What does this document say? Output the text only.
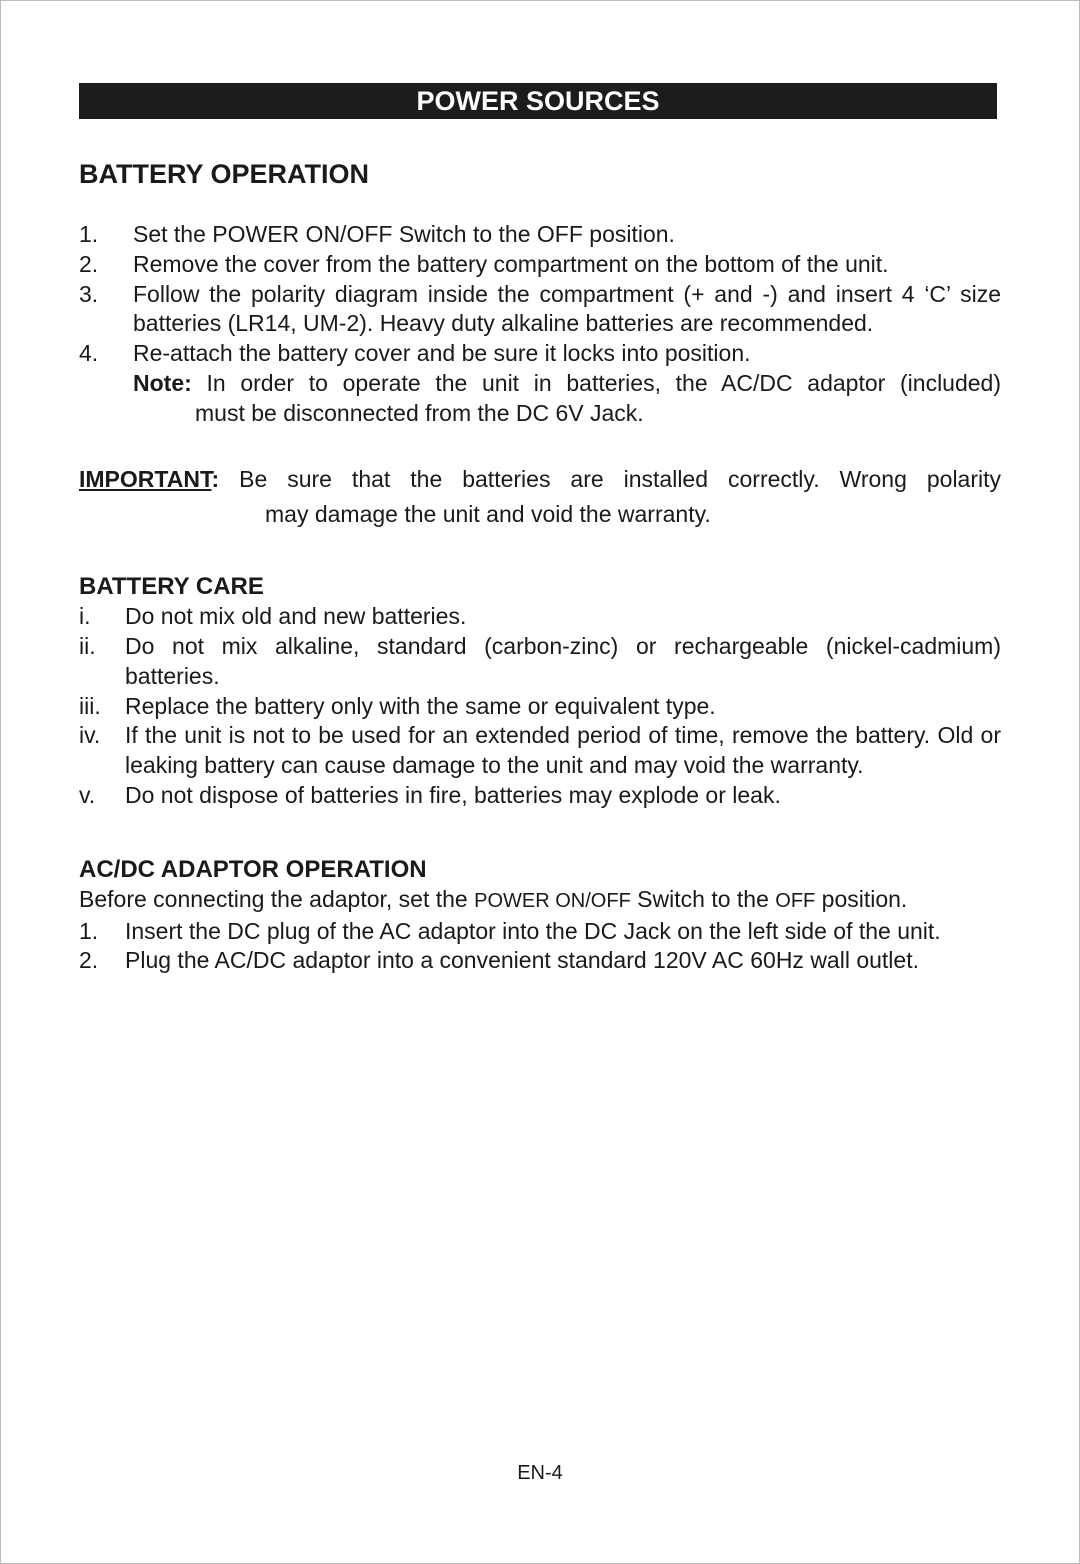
POWER SOURCES
BATTERY OPERATION
1.	Set the POWER ON/OFF Switch to the OFF position.
2.	Remove the cover from the battery compartment on the bottom of the unit.
3.	Follow the polarity diagram inside the compartment (+ and -) and insert 4 ‘C’ size batteries (LR14, UM-2). Heavy duty alkaline batteries are recommended.
4.	Re-attach the battery cover and be sure it locks into position.
Note: In order to operate the unit in batteries, the AC/DC adaptor (included)
must be disconnected from the DC 6V Jack.
IMPORTANT: Be sure that the batteries are installed correctly. Wrong polarity
may damage the unit and void the warranty.
BATTERY CARE
i.	Do not mix old and new batteries.
ii.	Do not mix alkaline, standard (carbon-zinc) or rechargeable (nickel-cadmium) batteries.
iii.	Replace the battery only with the same or equivalent type.
iv.	If the unit is not to be used for an extended period of time, remove the battery. Old or leaking battery can cause damage to the unit and may void the warranty.
v.	Do not dispose of batteries in fire, batteries may explode or leak.
AC/DC ADAPTOR OPERATION
Before connecting the adaptor, set the POWER ON/OFF Switch to the OFF position.
1.	Insert the DC plug of the AC adaptor into the DC Jack on the left side of the unit.
2.	Plug the AC/DC adaptor into a convenient standard 120V AC 60Hz wall outlet.
EN-4
